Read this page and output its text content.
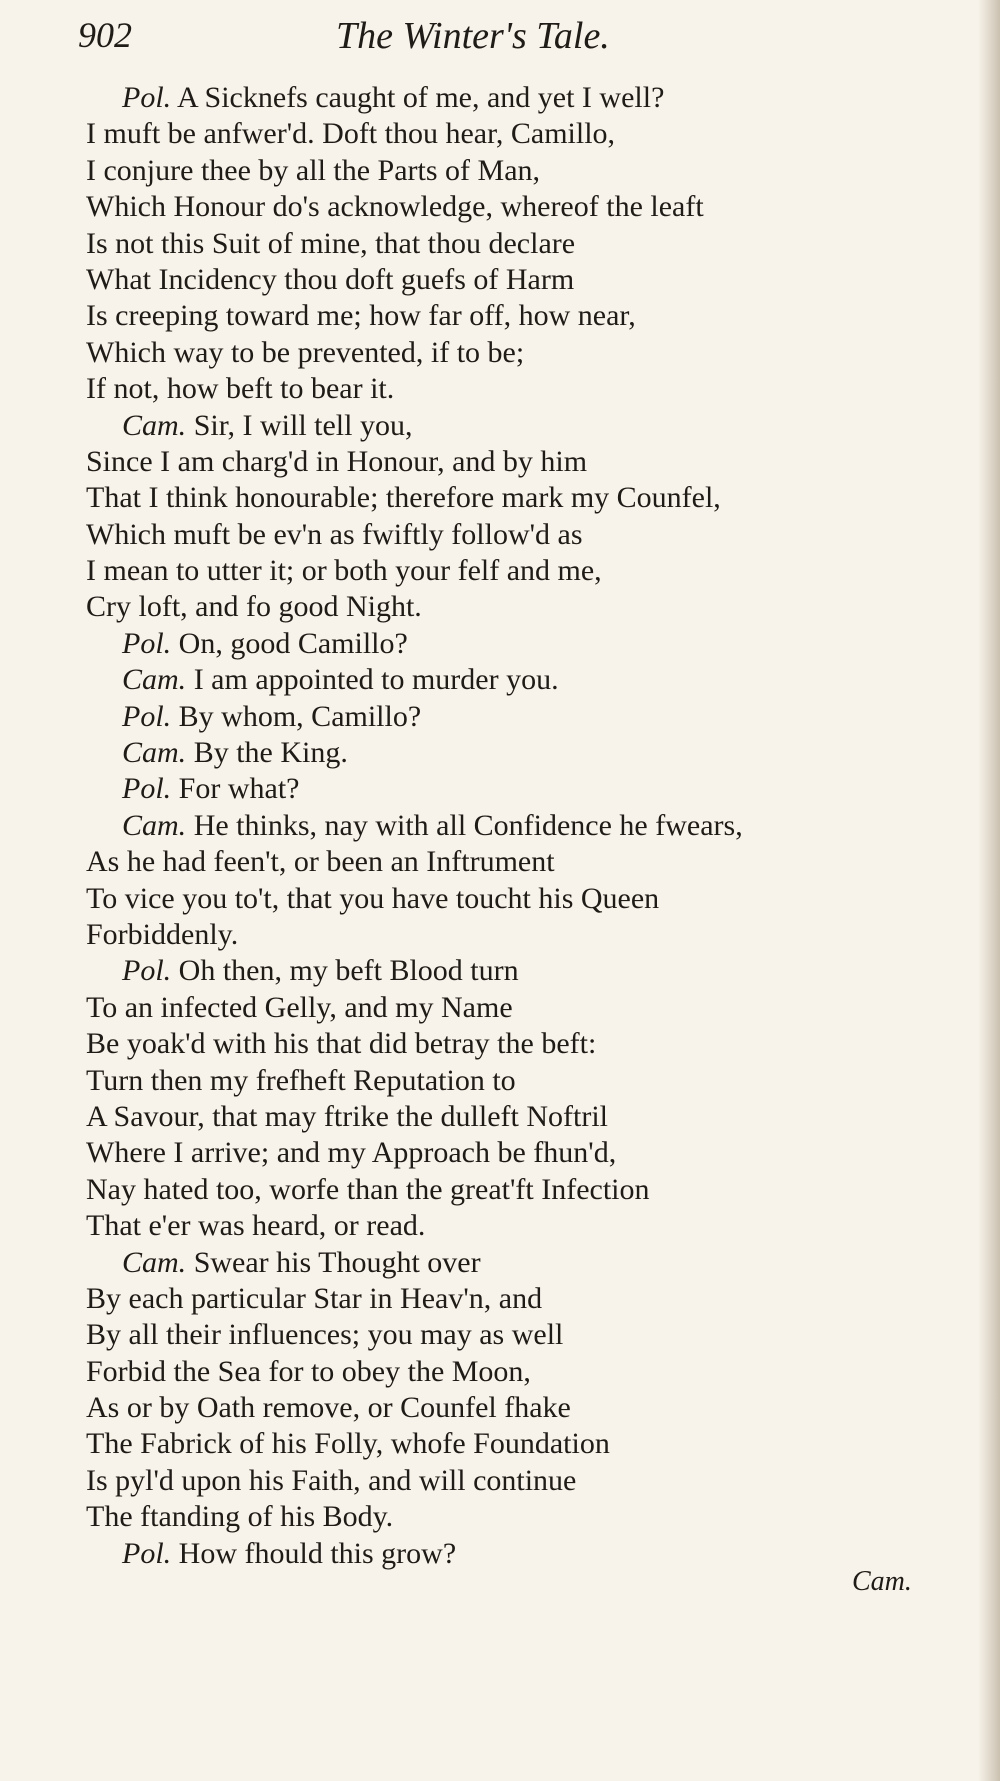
902	The Winter's Tale.
Pol. A Sicknefs caught of me, and yet I well?
I muft be anfwer'd. Doft thou hear, Camillo,
I conjure thee by all the Parts of Man,
Which Honour do's acknowledge, whereof the leaft
Is not this Suit of mine, that thou declare
What Incidency thou doft guefs of Harm
Is creeping toward me; how far off, how near,
Which way to be prevented, if to be;
If not, how beft to bear it.
Cam. Sir, I will tell you,
Since I am charg'd in Honour, and by him
That I think honourable; therefore mark my Counfel,
Which muft be ev'n as fwiftly follow'd as
I mean to utter it; or both your felf and me,
Cry loft, and fo good Night.
Pol. On, good Camillo?
Cam. I am appointed to murder you.
Pol. By whom, Camillo?
Cam. By the King.
Pol. For what?
Cam. He thinks, nay with all Confidence he fwears,
As he had feen't, or been an Inftrument
To vice you to't, that you have toucht his Queen
Forbiddenly.
Pol. Oh then, my beft Blood turn
To an infected Gelly, and my Name
Be yoak'd with his that did betray the beft:
Turn then my frefheft Reputation to
A Savour, that may ftrike the dulleft Noftril
Where I arrive; and my Approach be fhun'd,
Nay hated too, worfe than the great'ft Infection
That e'er was heard, or read.
Cam. Swear his Thought over
By each particular Star in Heav'n, and
By all their influences; you may as well
Forbid the Sea for to obey the Moon,
As or by Oath remove, or Counfel fhake
The Fabrick of his Folly, whofe Foundation
Is pyl'd upon his Faith, and will continue
The ftanding of his Body.
Pol. How fhould this grow?
Cam.
